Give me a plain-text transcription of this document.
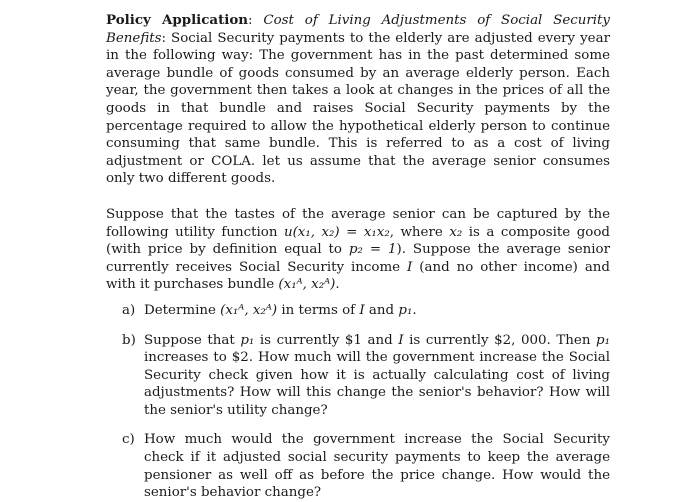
Policy Application: Cost of Living Adjustments of Social Security Benefits: Social Security payments to the elderly are adjusted every year in the following way: The government has in the past determined some average bundle of goods consumed by an average elderly person. Each year, the government then takes a look at changes in the prices of all the goods in that bundle and raises Social Security payments by the percentage required to allow the hypothetical elderly person to continue consuming that same bundle. This is referred to as a cost of living adjustment or COLA. let us assume that the average senior consumes only two different goods.

Suppose that the tastes of the average senior can be captured by the following utility function u(x₁, x₂) = x₁x₂, where x₂ is a composite good (with price by definition equal to p₂ = 1). Suppose the average senior currently receives Social Security income I (and no other income) and with it purchases bundle (x₁ᴬ, x₂ᴬ).

a) Determine (x₁ᴬ, x₂ᴬ) in terms of I and p₁.
b) Suppose that p₁ is currently $1 and I is currently $2, 000. Then p₁ increases to $2. How much will the government increase the Social Security check given how it is actually calculating cost of living adjustments? How will this change the senior's behavior? How will the senior's utility change?
c) How much would the government increase the Social Security check if it adjusted social security payments to keep the average pensioner as well off as before the price change. How would the senior's behavior change?
